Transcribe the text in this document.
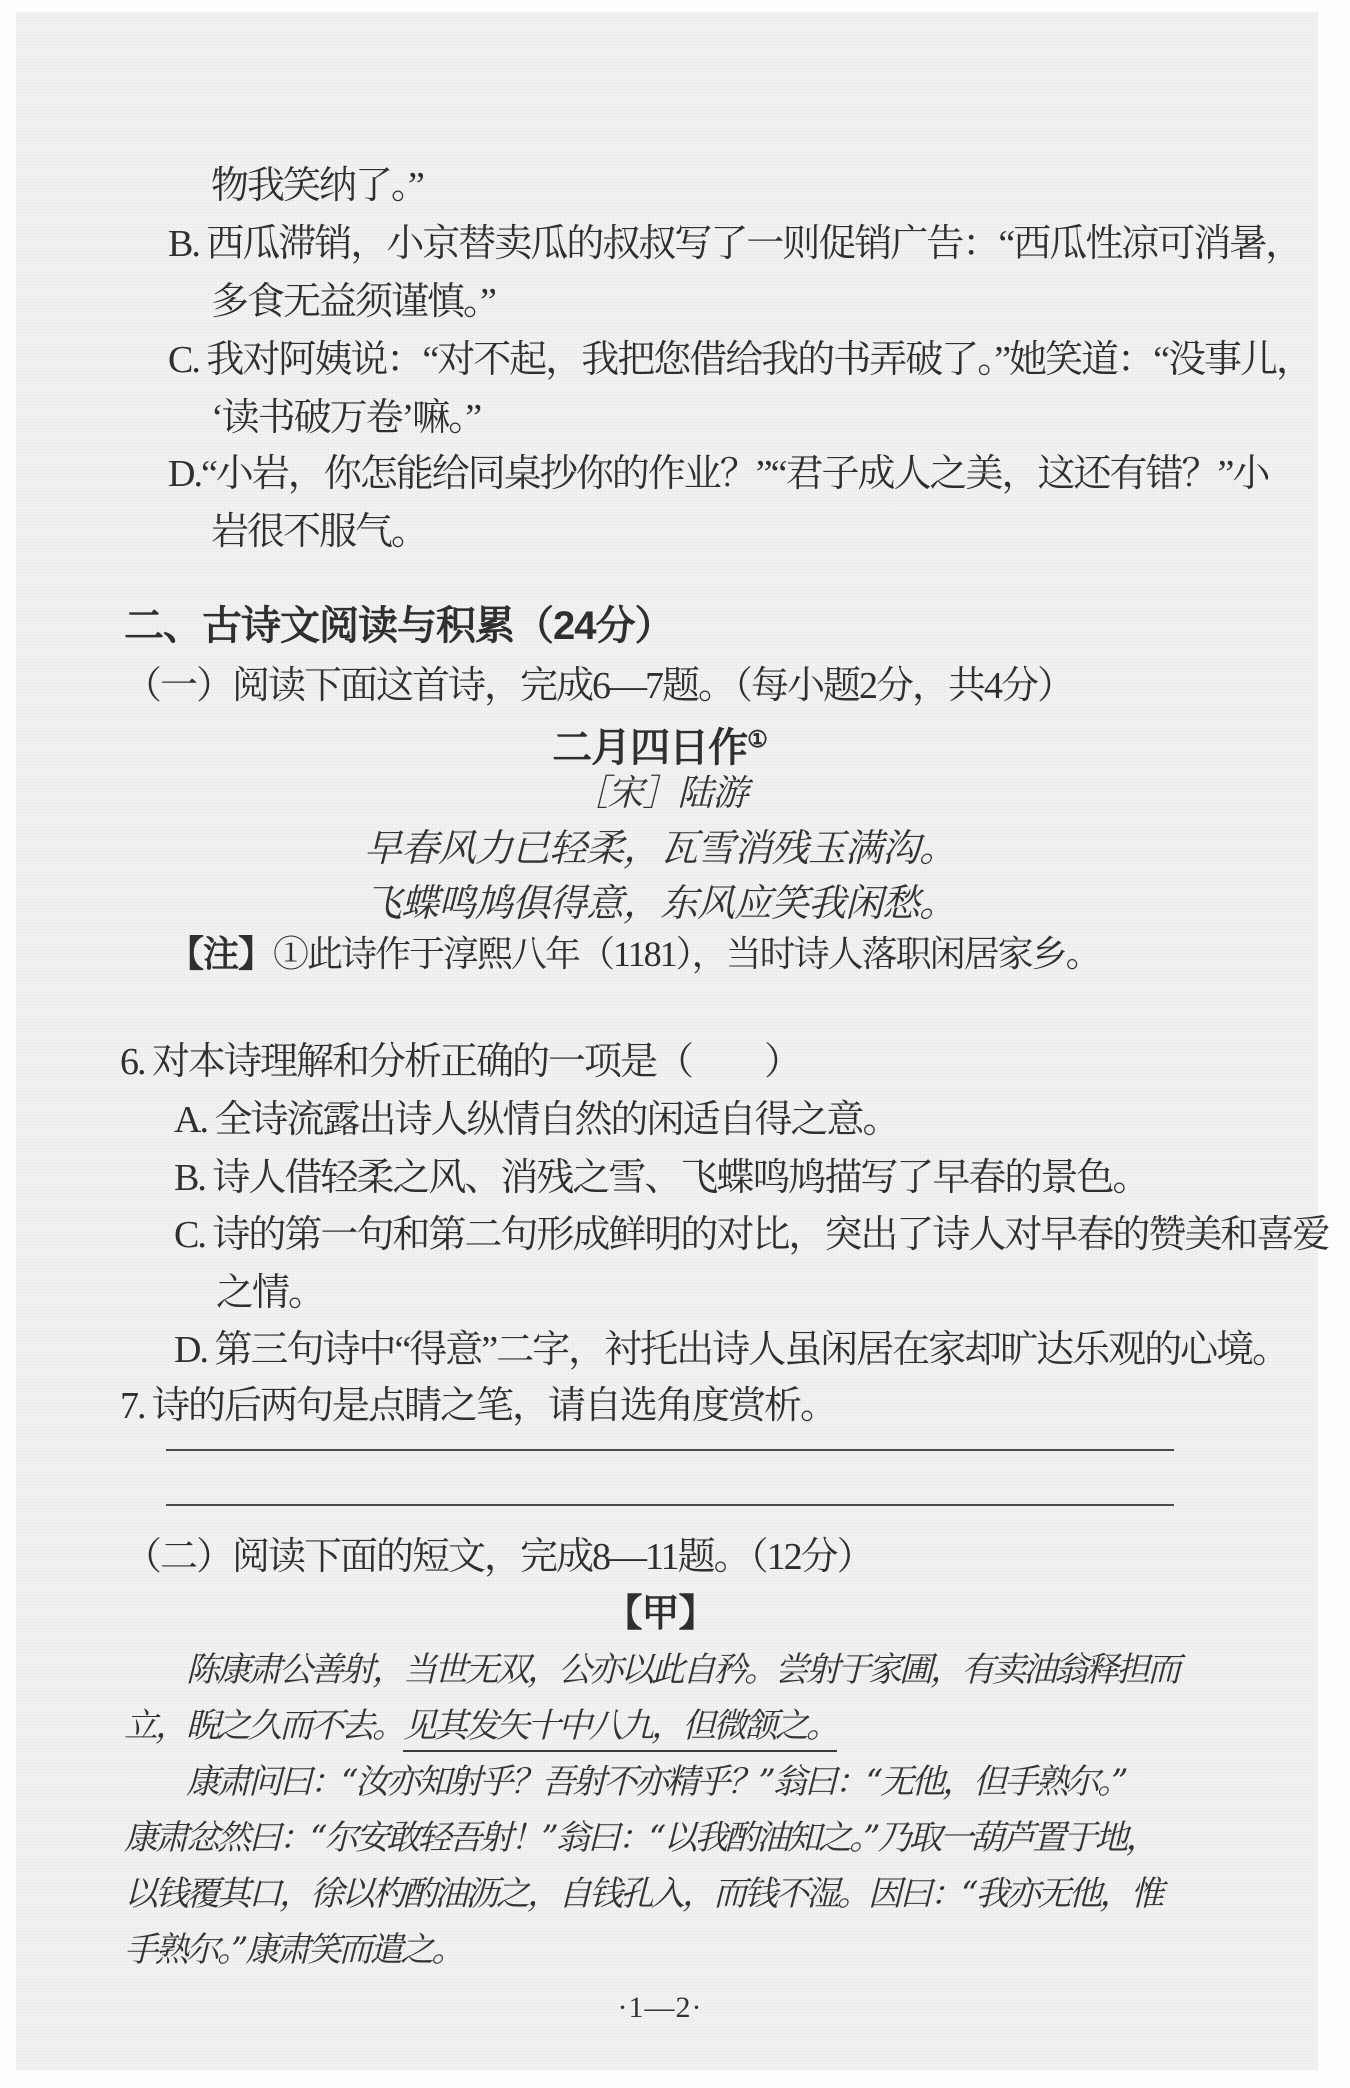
物我笑纳了。”
B. 西瓜滞销，小京替卖瓜的叔叔写了一则促销广告：“西瓜性凉可消暑，
多食无益须谨慎。”
C. 我对阿姨说：“对不起，我把您借给我的书弄破了。”她笑道：“没事儿，
‘读书破万卷’嘛。”
D.“小岩，你怎能给同桌抄你的作业？”“君子成人之美，这还有错？”小
岩很不服气。
二、古诗文阅读与积累（24分）
（一）阅读下面这首诗，完成6—7题。（每小题2分，共4分）
二月四日作①
［宋］陆游
早春风力已轻柔，瓦雪消残玉满沟。
飞蝶鸣鸠俱得意，东风应笑我闲愁。
【注】①此诗作于淳熙八年（1181），当时诗人落职闲居家乡。
6. 对本诗理解和分析正确的一项是（　　）
A. 全诗流露出诗人纵情自然的闲适自得之意。
B. 诗人借轻柔之风、消残之雪、飞蝶鸣鸠描写了早春的景色。
C. 诗的第一句和第二句形成鲜明的对比，突出了诗人对早春的赞美和喜爱
之情。
D. 第三句诗中“得意”二字，衬托出诗人虽闲居在家却旷达乐观的心境。
7. 诗的后两句是点睛之笔，请自选角度赏析。
（二）阅读下面的短文，完成8—11题。（12分）
【甲】
陈康肃公善射，当世无双，公亦以此自矜。尝射于家圃，有卖油翁释担而
立，睨之久而不去。见其发矢十中八九，但微颔之。
康肃问曰：“汝亦知射乎？吾射不亦精乎？”翁曰：“无他，但手熟尔。”
康肃忿然曰：“尔安敢轻吾射！”翁曰：“以我酌油知之。”乃取一葫芦置于地，
以钱覆其口，徐以杓酌油沥之，自钱孔入，而钱不湿。因曰：“我亦无他，惟
手熟尔。”康肃笑而遣之。
·1—2·
